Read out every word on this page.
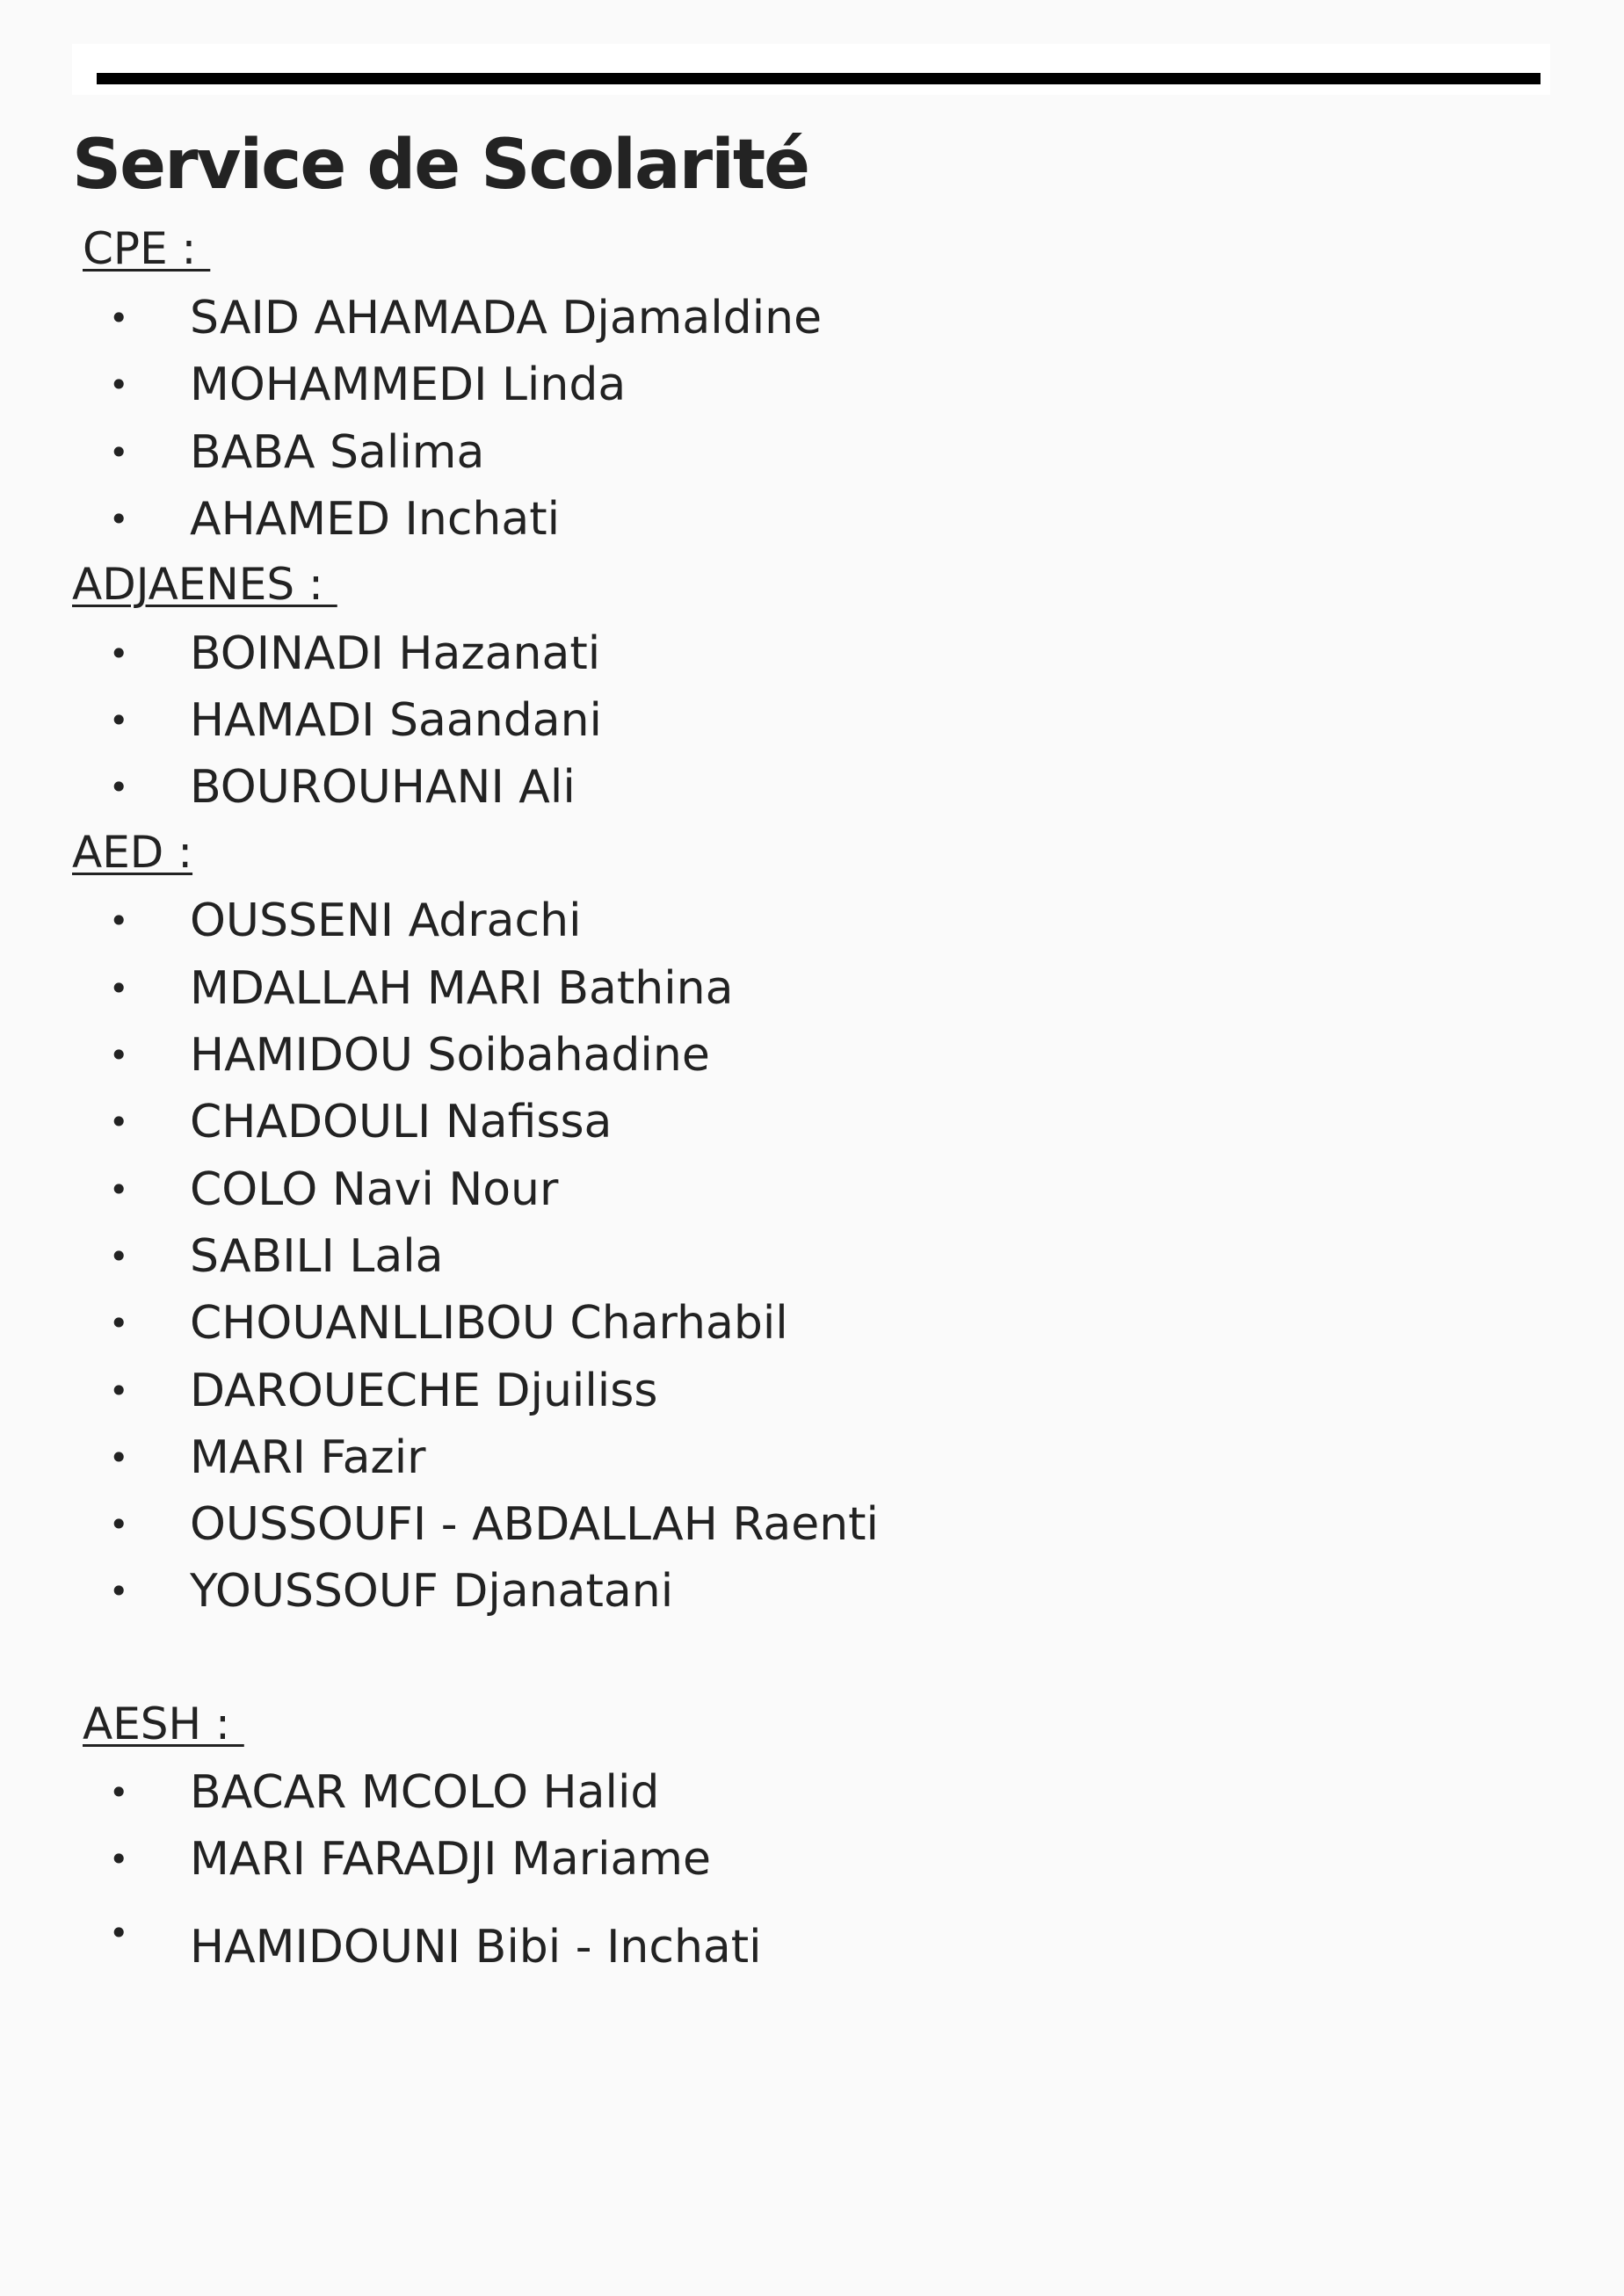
Service de Scolarité
CPE :
• SAID AHAMADA Djamaldine
• MOHAMMEDI Linda
• BABA Salima
• AHAMED Inchati
ADJAENES :
• BOINADI Hazanati
• HAMADI Saandani
• BOUROUHANI Ali
AED :
• OUSSENI Adrachi
• MDALLAH MARI Bathina
• HAMIDOU Soibahadine
• CHADOULI Nafissa
• COLO Navi Nour
• SABILI Lala
• CHOUANLLIBOU Charhabil
• DAROUECHE Djuiliss
• MARI Fazir
• OUSSOUFI - ABDALLAH Raenti
• YOUSSOUF Djanatani
AESH :
• BACAR MCOLO Halid
• MARI FARADJI Mariame
• HAMIDOUNI Bibi - Inchati
